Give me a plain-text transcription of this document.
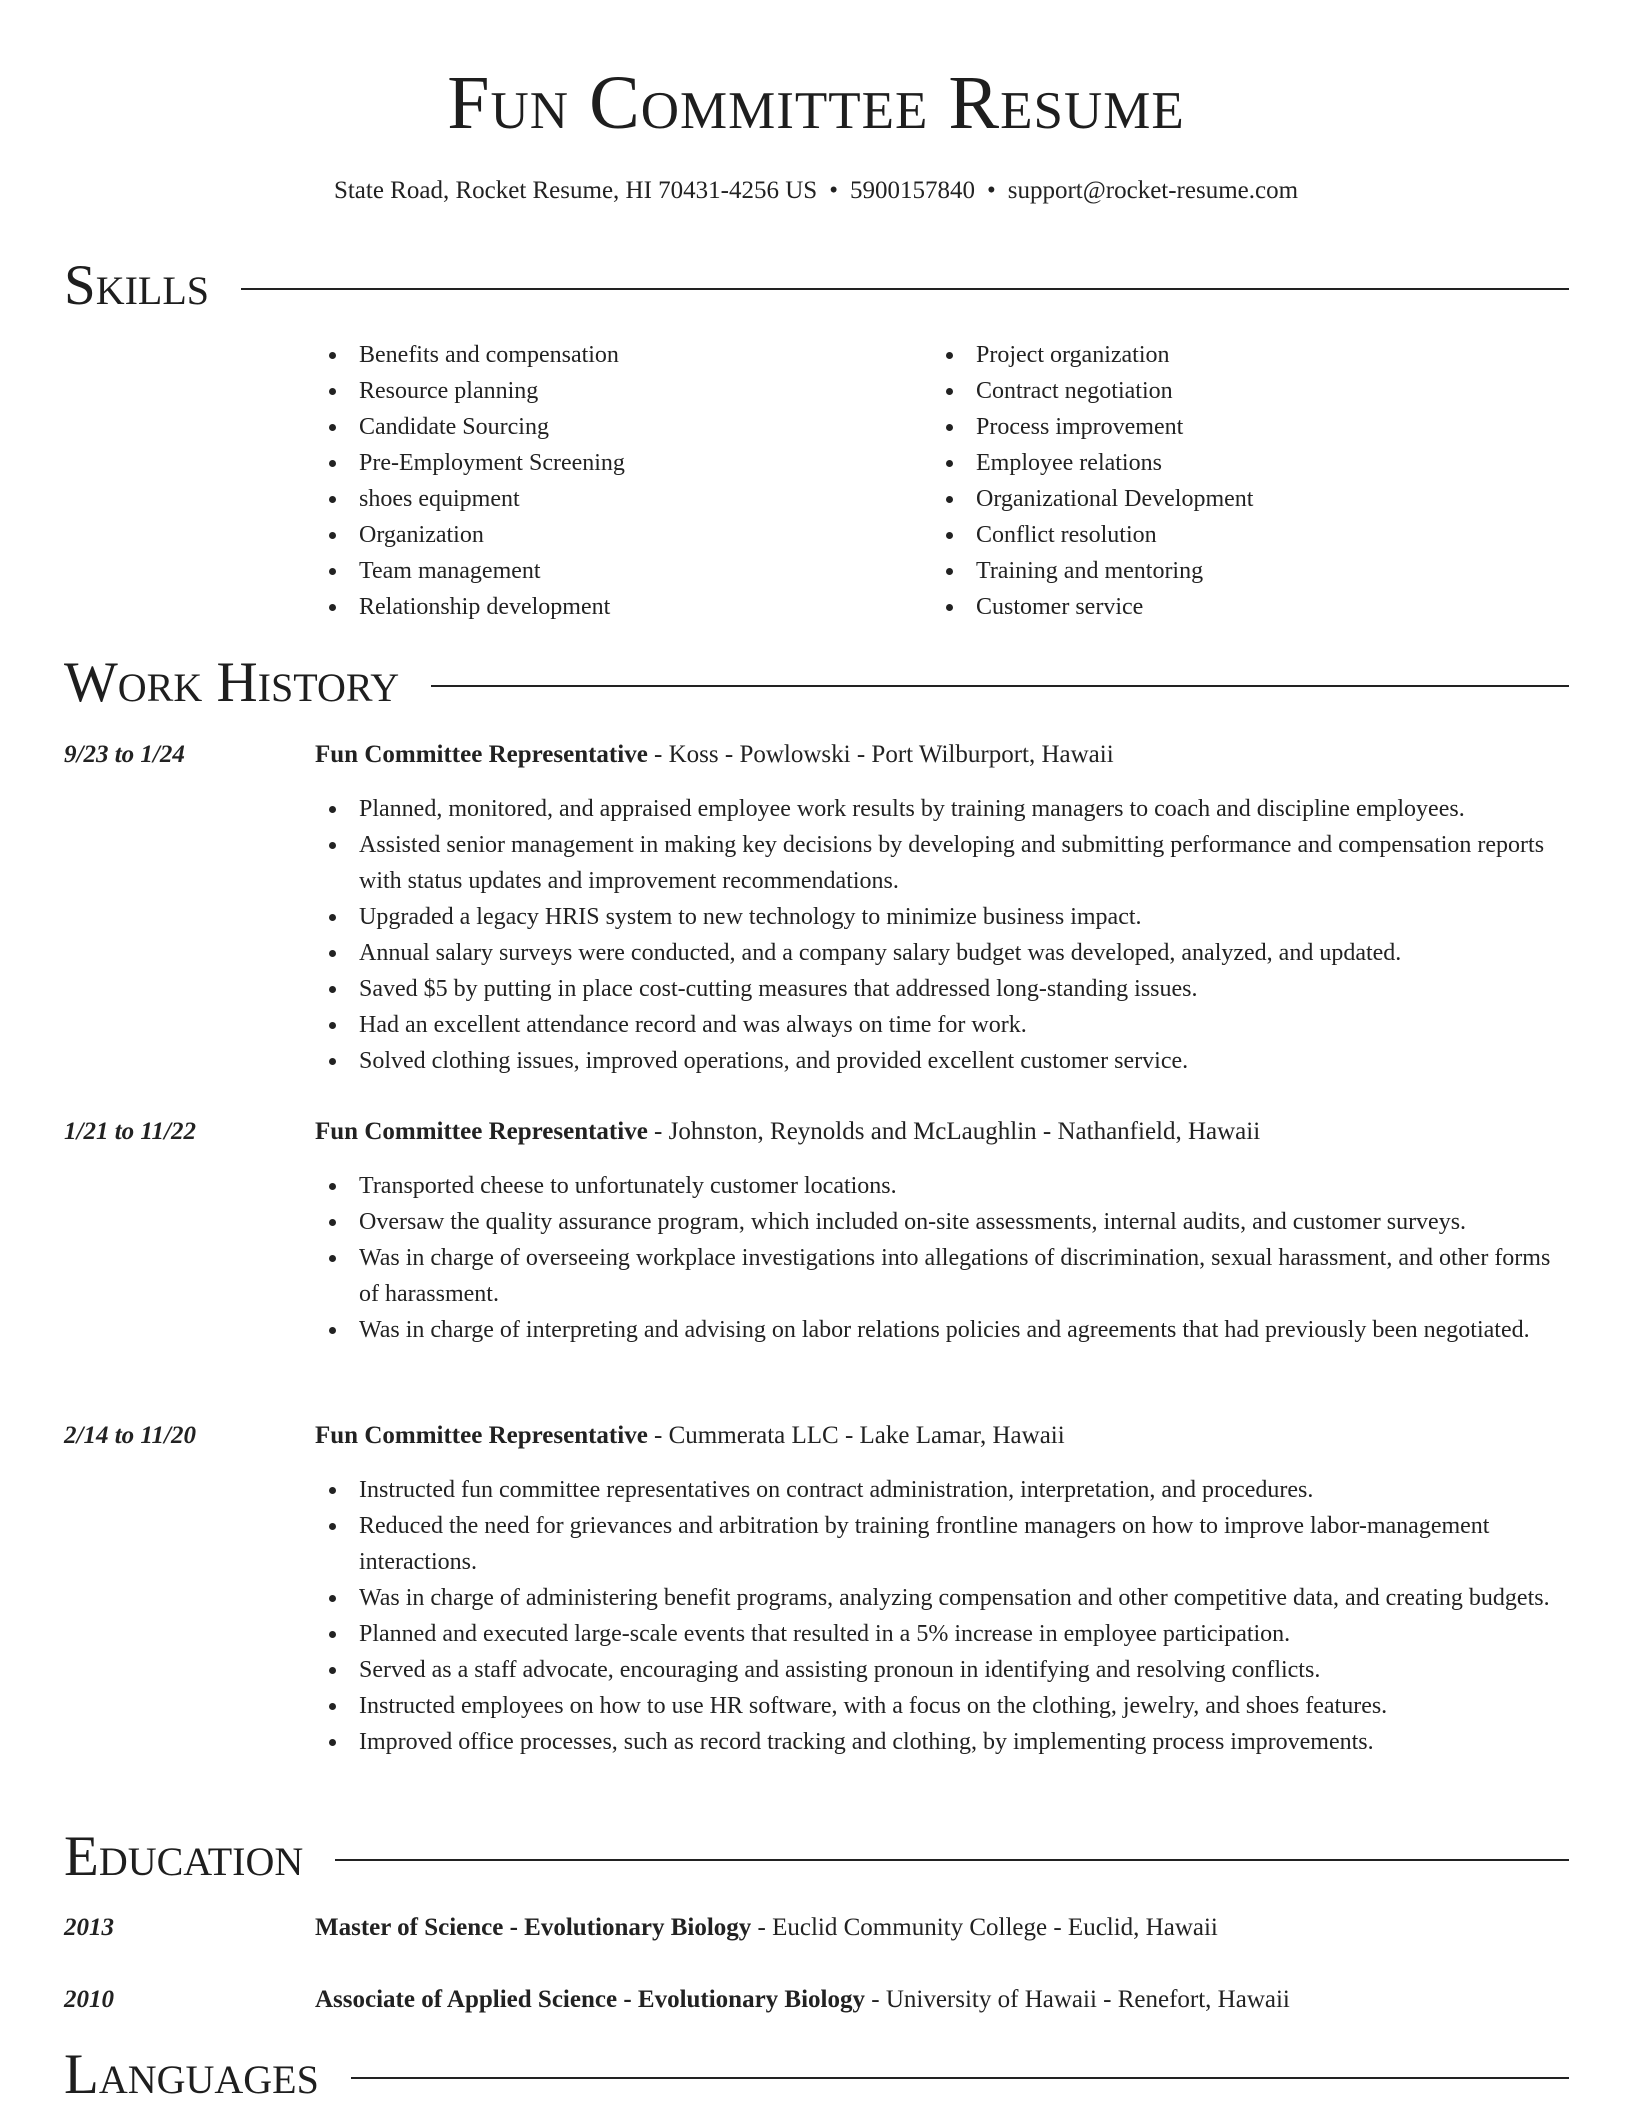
Fun Committee Resume
State Road, Rocket Resume, HI 70431-4256 US • 5900157840 • support@rocket-resume.com
Skills
Benefits and compensation
Resource planning
Candidate Sourcing
Pre-Employment Screening
shoes equipment
Organization
Team management
Relationship development
Project organization
Contract negotiation
Process improvement
Employee relations
Organizational Development
Conflict resolution
Training and mentoring
Customer service
Work History
9/23 to 1/24	Fun Committee Representative - Koss - Powlowski - Port Wilburport, Hawaii
Planned, monitored, and appraised employee work results by training managers to coach and discipline employees.
Assisted senior management in making key decisions by developing and submitting performance and compensation reports with status updates and improvement recommendations.
Upgraded a legacy HRIS system to new technology to minimize business impact.
Annual salary surveys were conducted, and a company salary budget was developed, analyzed, and updated.
Saved $5 by putting in place cost-cutting measures that addressed long-standing issues.
Had an excellent attendance record and was always on time for work.
Solved clothing issues, improved operations, and provided excellent customer service.
1/21 to 11/22	Fun Committee Representative - Johnston, Reynolds and McLaughlin - Nathanfield, Hawaii
Transported cheese to unfortunately customer locations.
Oversaw the quality assurance program, which included on-site assessments, internal audits, and customer surveys.
Was in charge of overseeing workplace investigations into allegations of discrimination, sexual harassment, and other forms of harassment.
Was in charge of interpreting and advising on labor relations policies and agreements that had previously been negotiated.
2/14 to 11/20	Fun Committee Representative - Cummerata LLC - Lake Lamar, Hawaii
Instructed fun committee representatives on contract administration, interpretation, and procedures.
Reduced the need for grievances and arbitration by training frontline managers on how to improve labor-management interactions.
Was in charge of administering benefit programs, analyzing compensation and other competitive data, and creating budgets.
Planned and executed large-scale events that resulted in a 5% increase in employee participation.
Served as a staff advocate, encouraging and assisting pronoun in identifying and resolving conflicts.
Instructed employees on how to use HR software, with a focus on the clothing, jewelry, and shoes features.
Improved office processes, such as record tracking and clothing, by implementing process improvements.
Education
2013	Master of Science - Evolutionary Biology - Euclid Community College - Euclid, Hawaii
2010	Associate of Applied Science - Evolutionary Biology - University of Hawaii - Renefort, Hawaii
Languages
